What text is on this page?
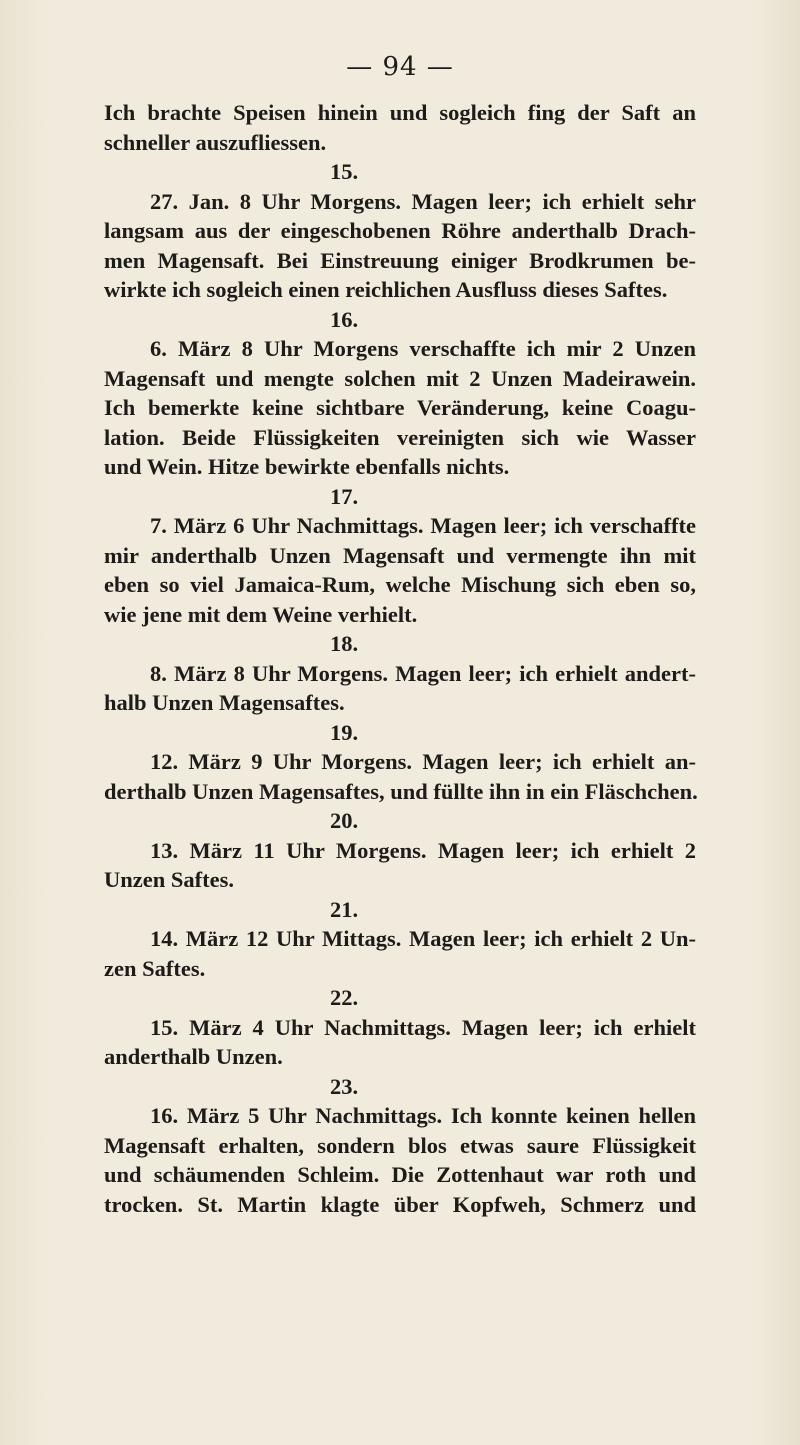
— 94 —
Ich brachte Speisen hinein und sogleich fing der Saft an
schneller auszufliessen.
15.
27. Jan. 8 Uhr Morgens. Magen leer; ich erhielt sehr
langsam aus der eingeschobenen Röhre anderthalb Drach-
men Magensaft. Bei Einstreuung einiger Brodkrumen be-
wirkte ich sogleich einen reichlichen Ausfluss dieses Saftes.
16.
6. März 8 Uhr Morgens verschaffte ich mir 2 Unzen
Magensaft und mengte solchen mit 2 Unzen Madeirawein.
Ich bemerkte keine sichtbare Veränderung, keine Coagu-
lation. Beide Flüssigkeiten vereinigten sich wie Wasser
und Wein. Hitze bewirkte ebenfalls nichts.
17.
7. März 6 Uhr Nachmittags. Magen leer; ich verschaffte
mir anderthalb Unzen Magensaft und vermengte ihn mit
eben so viel Jamaica-Rum, welche Mischung sich eben so,
wie jene mit dem Weine verhielt.
18.
8. März 8 Uhr Morgens. Magen leer; ich erhielt andert-
halb Unzen Magensaftes.
19.
12. März 9 Uhr Morgens. Magen leer; ich erhielt an-
derthalb Unzen Magensaftes, und füllte ihn in ein Fläschchen.
20.
13. März 11 Uhr Morgens. Magen leer; ich erhielt 2
Unzen Saftes.
21.
14. März 12 Uhr Mittags. Magen leer; ich erhielt 2 Un-
zen Saftes.
22.
15. März 4 Uhr Nachmittags. Magen leer; ich erhielt
anderthalb Unzen.
23.
16. März 5 Uhr Nachmittags. Ich konnte keinen hellen
Magensaft erhalten, sondern blos etwas saure Flüssigkeit
und schäumenden Schleim. Die Zottenhaut war roth und
trocken. St. Martin klagte über Kopfweh, Schmerz und
